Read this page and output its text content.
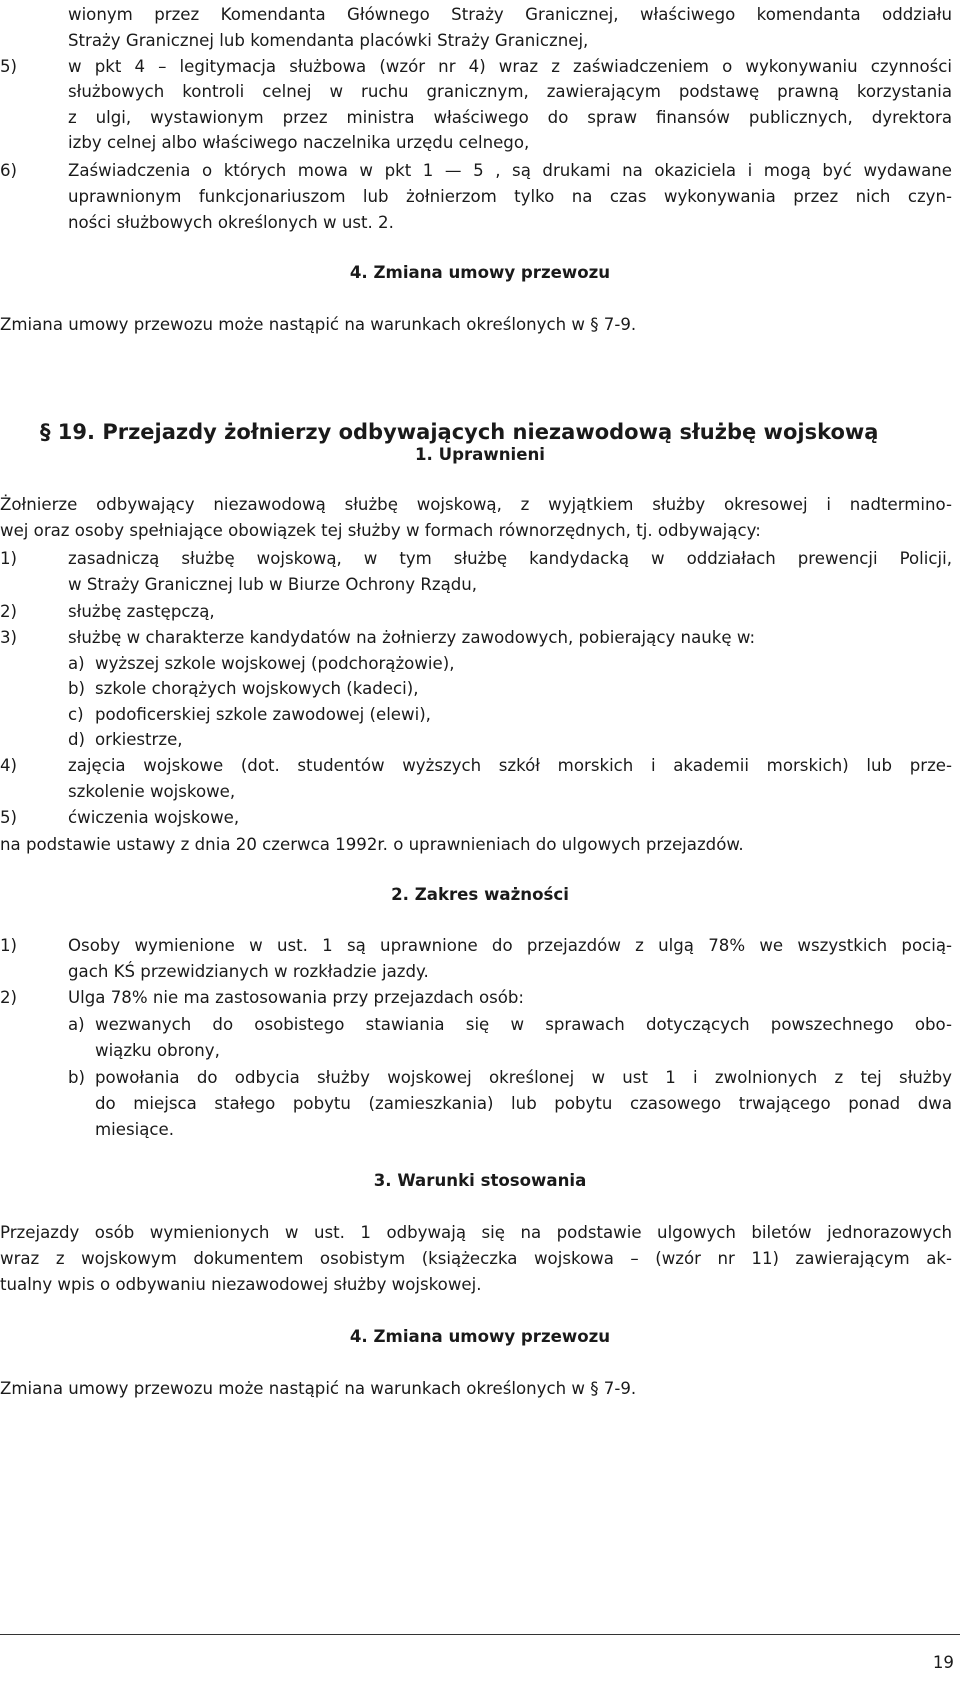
wionym przez Komendanta Głównego Straży Granicznej, właściwego komendanta oddziału
Straży Granicznej lub komendanta placówki Straży Granicznej,
5)	w pkt 4 – legitymacja służbowa (wzór nr 4) wraz z zaświadczeniem o wykonywaniu czynności
służbowych kontroli celnej w ruchu granicznym, zawierającym podstawę prawną korzystania
z ulgi, wystawionym przez ministra właściwego do spraw finansów publicznych, dyrektora
izby celnej albo właściwego naczelnika urzędu celnego,
6)	Zaświadczenia o których mowa w pkt 1 — 5 , są drukami na okaziciela i mogą być wydawane
uprawnionym funkcjonariuszom lub żołnierzom tylko na czas wykonywania przez nich czyn-
ności służbowych określonych w ust. 2.
4. Zmiana umowy przewozu
Zmiana umowy przewozu może nastąpić na warunkach określonych w § 7-9.
§ 19. Przejazdy żołnierzy odbywających niezawodową służbę wojskową
1. Uprawnieni
Żołnierze odbywający niezawodową służbę wojskową, z wyjątkiem służby okresowej i nadtermino-
wej oraz osoby spełniające obowiązek tej służby w formach równorzędnych, tj. odbywający:
1)	zasadniczą służbę wojskową, w tym służbę kandydacką w oddziałach prewencji Policji,
w Straży Granicznej lub w Biurze Ochrony Rządu,
2)	służbę zastępczą,
3)	służbę w charakterze kandydatów na żołnierzy zawodowych, pobierający naukę w:
a) wyższej szkole wojskowej (podchorążowie),
b) szkole chorążych wojskowych (kadeci),
c) podoficerskiej szkole zawodowej (elewi),
d) orkiestrze,
4)	zajęcia wojskowe (dot. studentów wyższych szkół morskich i akademii morskich) lub prze-
szkolenie wojskowe,
5)	ćwiczenia wojskowe,
na podstawie ustawy z dnia 20 czerwca 1992r. o uprawnieniach do ulgowych przejazdów.
2. Zakres ważności
1)	Osoby wymienione w ust. 1 są uprawnione do przejazdów z ulgą 78% we wszystkich pocią-
gach KŚ przewidzianych w rozkładzie jazdy.
2)	Ulga 78% nie ma zastosowania przy przejazdach osób:
a) wezwanych do osobistego stawiania się w sprawach dotyczących powszechnego obo-
wiązku obrony,
b) powołania do odbycia służby wojskowej określonej w ust 1 i zwolnionych z tej służby
do miejsca stałego pobytu (zamieszkania) lub pobytu czasowego trwającego ponad dwa
miesiące.
3. Warunki stosowania
Przejazdy osób wymienionych w ust. 1 odbywają się na podstawie ulgowych biletów jednorazowych
wraz z wojskowym dokumentem osobistym (książeczka wojskowa – (wzór nr 11) zawierającym ak-
tualny wpis o odbywaniu niezawodowej służby wojskowej.
4. Zmiana umowy przewozu
Zmiana umowy przewozu może nastąpić na warunkach określonych w § 7-9.
19
